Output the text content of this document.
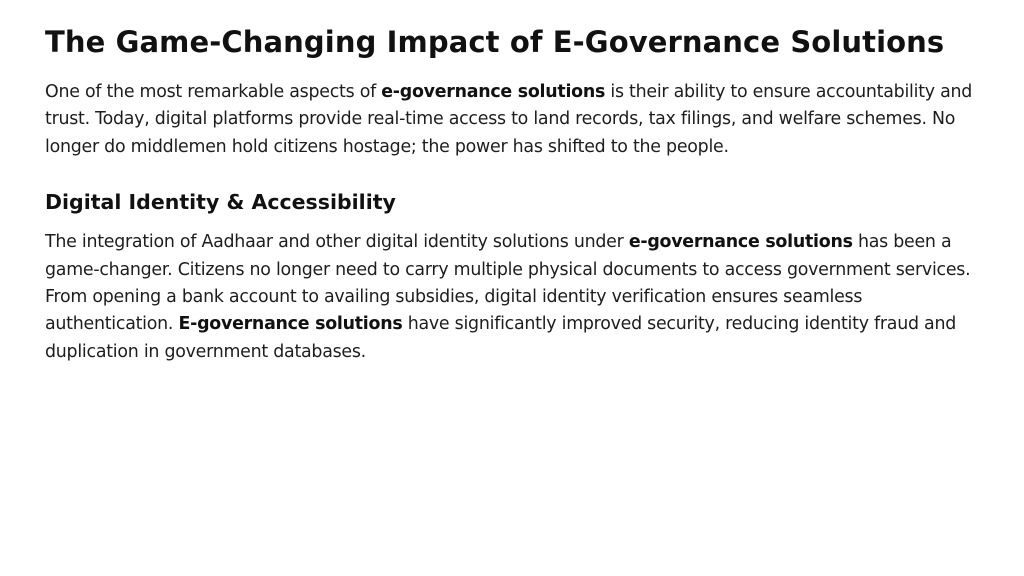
The Game-Changing Impact of E-Governance Solutions

One of the most remarkable aspects of e-governance solutions is their ability to ensure accountability and trust. Today, digital platforms provide real-time access to land records, tax filings, and welfare schemes. No longer do middlemen hold citizens hostage; the power has shifted to the people.

Digital Identity & Accessibility

The integration of Aadhaar and other digital identity solutions under e-governance solutions has been a game-changer. Citizens no longer need to carry multiple physical documents to access government services. From opening a bank account to availing subsidies, digital identity verification ensures seamless authentication. E-governance solutions have significantly improved security, reducing identity fraud and duplication in government databases.
